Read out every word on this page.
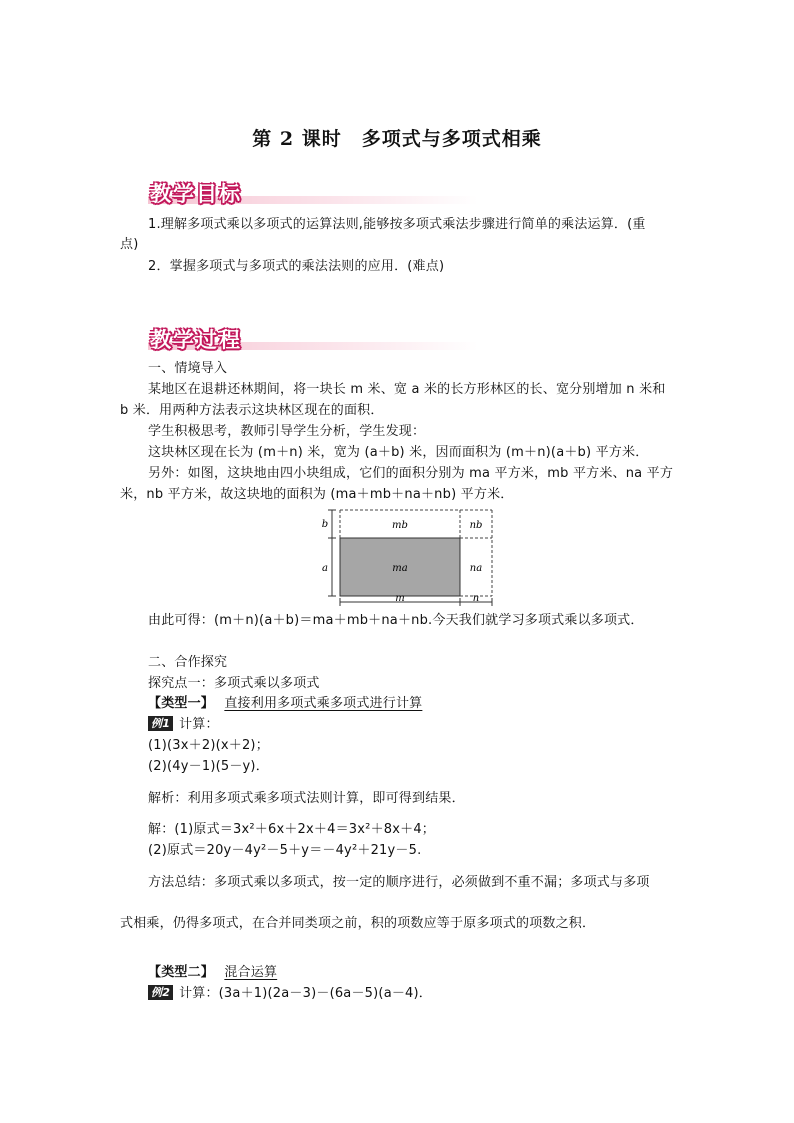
第 2 课时　多项式与多项式相乘
教学目标
1.理解多项式乘以多项式的运算法则,能够按多项式乘法步骤进行简单的乘法运算．(重
点)
2．掌握多项式与多项式的乘法法则的应用．(难点)
教学过程
一、情境导入
某地区在退耕还林期间，将一块长 m 米、宽 a 米的长方形林区的长、宽分别增加 n 米和
b 米．用两种方法表示这块林区现在的面积．
学生积极思考，教师引导学生分析，学生发现：
这块林区现在长为 (m＋n) 米，宽为 (a＋b) 米，因而面积为 (m＋n)(a＋b) 平方米．
另外：如图，这块地由四小块组成，它们的面积分别为 ma 平方米，mb 平方米、na 平方
米，nb 平方米，故这块地的面积为 (ma＋mb＋na＋nb) 平方米．
mb	nb
ma	na
b
a
m	n
由此可得：(m＋n)(a＋b)＝ma＋mb＋na＋nb.今天我们就学习多项式乘以多项式．
二、合作探究
探究点一：多项式乘以多项式
【类型一】 直接利用多项式乘多项式进行计算
例1 计算：
(1)(3x＋2)(x＋2)；
(2)(4y－1)(5－y)．
解析：利用多项式乘多项式法则计算，即可得到结果．
解：(1)原式＝3x²＋6x＋2x＋4＝3x²＋8x＋4；
(2)原式＝20y－4y²－5＋y＝－4y²＋21y－5.
方法总结：多项式乘以多项式，按一定的顺序进行，必须做到不重不漏；多项式与多项
式相乘，仍得多项式，在合并同类项之前，积的项数应等于原多项式的项数之积．
【类型二】 混合运算
例2 计算：(3a＋1)(2a－3)－(6a－5)(a－4)．
